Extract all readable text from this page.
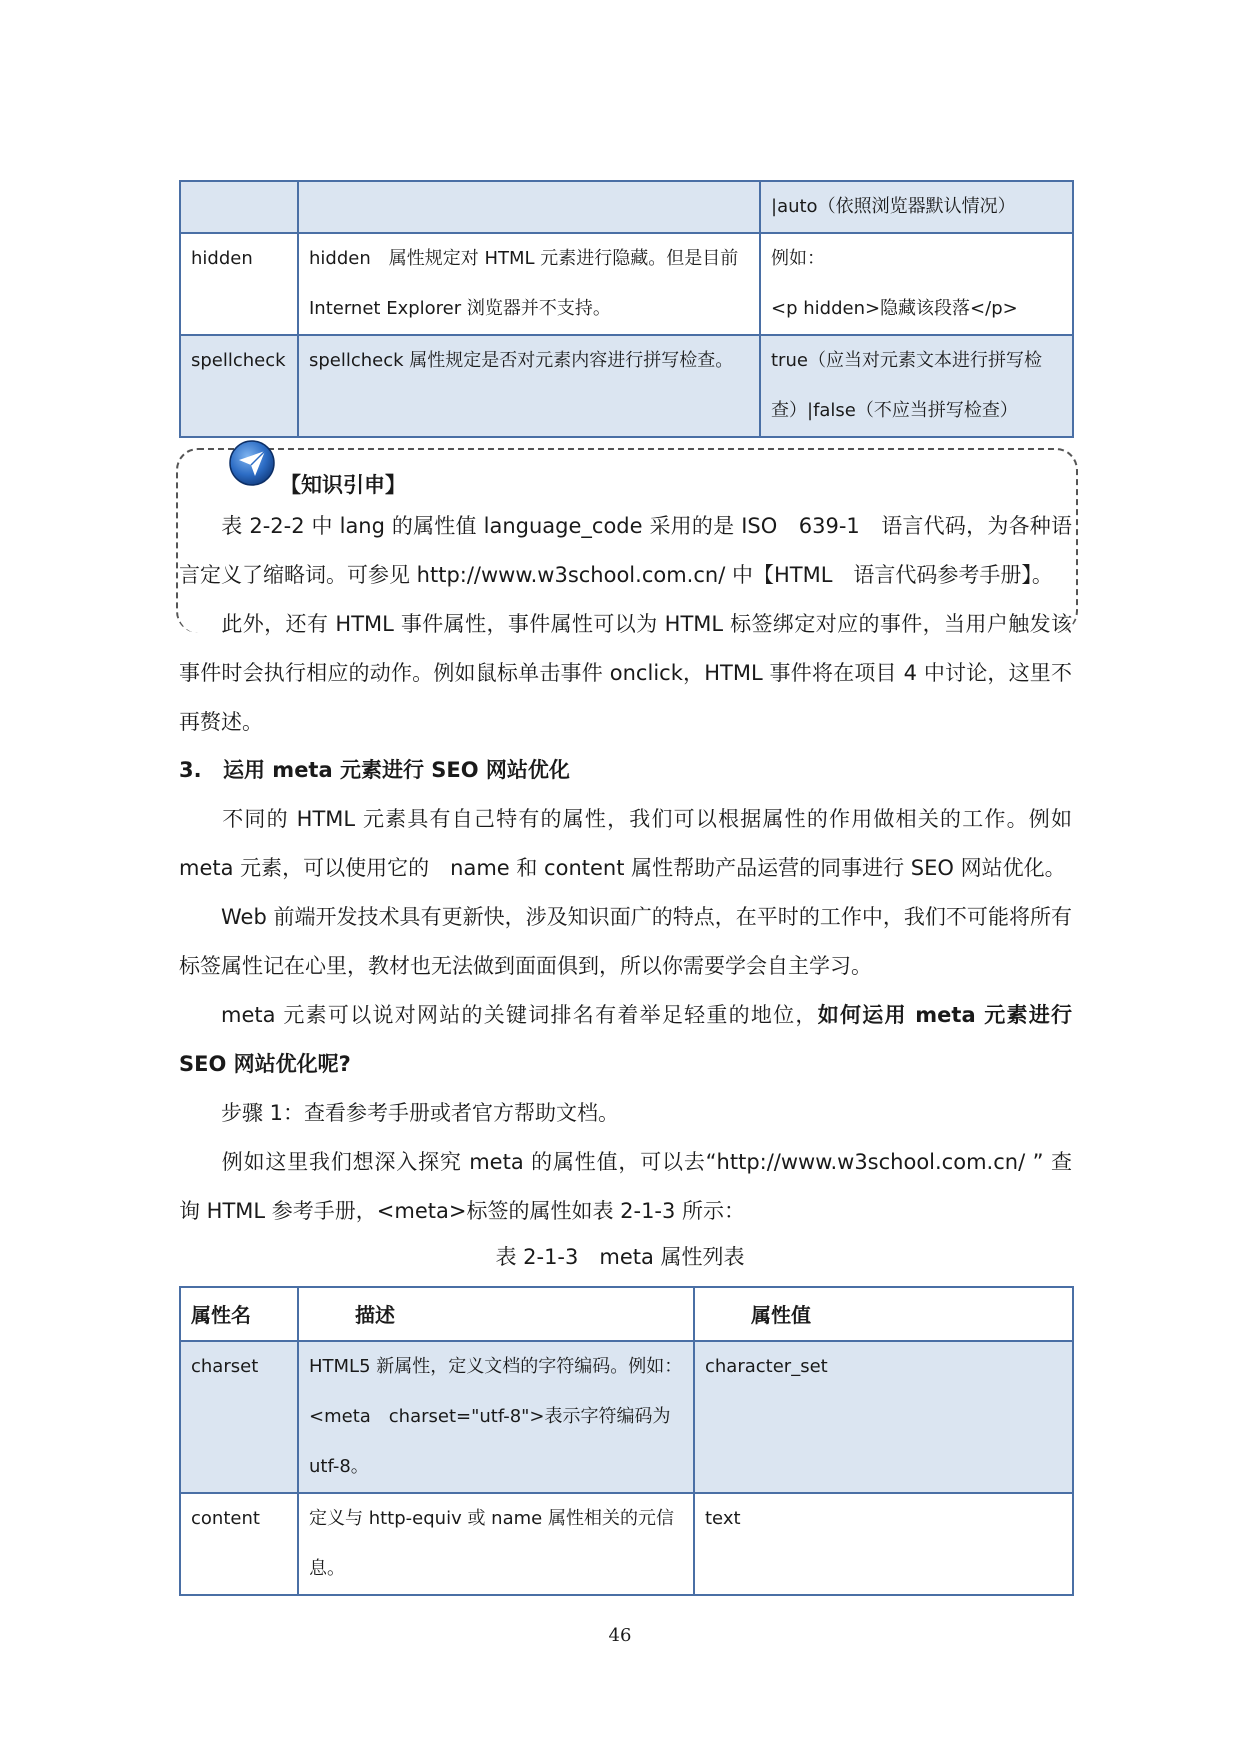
		|auto（依照浏览器默认情况）
hidden	hidden　属性规定对 HTML 元素进行隐藏。但是目前 Internet Explorer 浏览器并不支持。	例如：
<p hidden>隐藏该段落</p>

spellcheck	spellcheck 属性规定是否对元素内容进行拼写检查。	true（应当对元素文本进行拼写检查）|false（不应当拼写检查）
【知识引申】
表 2-2-2 中 lang 的属性值 language_code 采用的是 ISO　639-1　语言代码，为各种语言定义了缩略词。可参见 http://www.w3school.com.cn/ 中【HTML　语言代码参考手册】。
此外，还有 HTML 事件属性，事件属性可以为 HTML 标签绑定对应的事件，当用户触发该事件时会执行相应的动作。例如鼠标单击事件 onclick，HTML 事件将在项目 4 中讨论，这里不再赘述。
3. 运用 meta 元素进行 SEO 网站优化
不同的 HTML 元素具有自己特有的属性，我们可以根据属性的作用做相关的工作。例如 meta 元素，可以使用它的　name 和 content 属性帮助产品运营的同事进行 SEO 网站优化。
Web 前端开发技术具有更新快，涉及知识面广的特点，在平时的工作中，我们不可能将所有标签属性记在心里，教材也无法做到面面俱到，所以你需要学会自主学习。
meta 元素可以说对网站的关键词排名有着举足轻重的地位，如何运用 meta 元素进行 SEO 网站优化呢?
步骤 1：查看参考手册或者官方帮助文档。
例如这里我们想深入探究 meta 的属性值，可以去“http://www.w3school.com.cn/ ” 查询 HTML 参考手册，<meta>标签的属性如表 2-1-3 所示：
表 2-1-3　meta 属性列表
属性名	描述	属性值
charset	HTML5 新属性，定义文档的字符编码。例如：<meta　charset="utf-8">表示字符编码为 utf-8。	character_set
content	定义与 http-equiv 或 name 属性相关的元信息。	text
46
